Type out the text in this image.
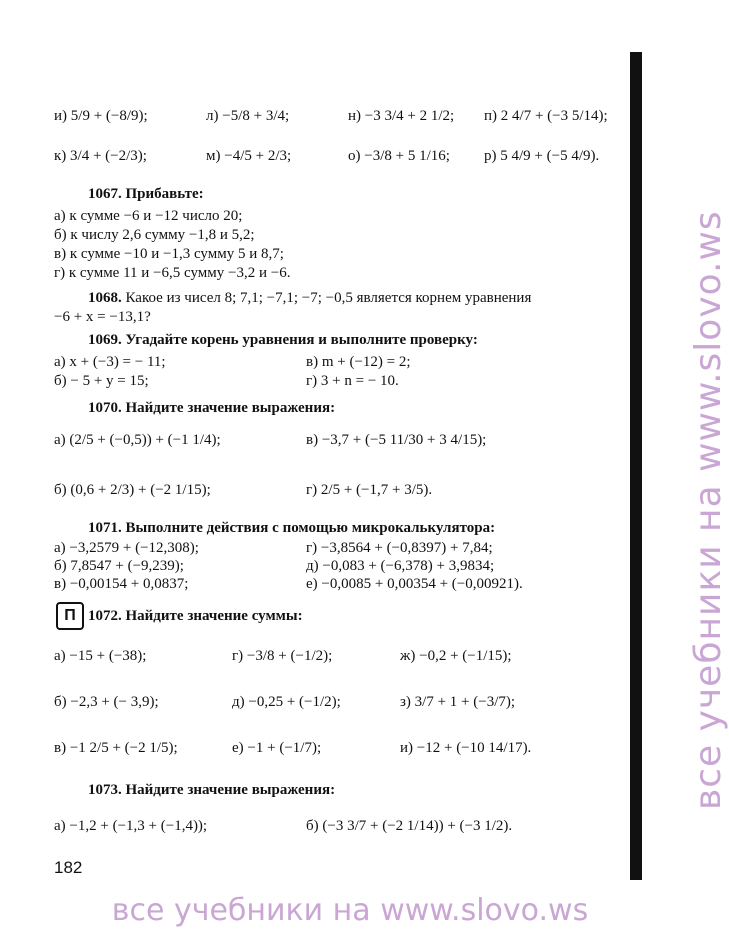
и) 5/9 + (−8/9);	л) −5/8 + 3/4;	н) −3 3/4 + 2 1/2; п) 2 4/7 + (−3 5/14);
к) 3/4 + (−2/3);	м) −4/5 + 2/3;	о) −3/8 + 5 1/16; р) 5 4/9 + (−5 4/9).
1067. Прибавьте:
а) к сумме −6 и −12 число 20;
б) к числу 2,6 сумму −1,8 и 5,2;
в) к сумме −10 и −1,3 сумму 5 и 8,7;
г) к сумме 11 и −6,5 сумму −3,2 и −6.
1068. Какое из чисел 8; 7,1; −7,1; −7; −0,5 является корнем уравнения
−6 + x = −13,1?
1069. Угадайте корень уравнения и выполните проверку:
а) x + (−3) = − 11;	в) m + (−12) = 2;
б) − 5 + y = 15;	г) 3 + n = − 10.
1070. Найдите значение выражения:
а) (2/5 + (−0,5)) + (−1 1/4);	в) −3,7 + (−5 11/30 + 3 4/15);
б) (0,6 + 2/3) + (−2 1/15);	г) 2/5 + (−1,7 + 3/5).
1071. Выполните действия с помощью микрокалькулятора:
а) −3,2579 + (−12,308);	г) −3,8564 + (−0,8397) + 7,84;
б) 7,8547 + (−9,239);	д) −0,083 + (−6,378) + 3,9834;
в) −0,00154 + 0,0837;	е) −0,0085 + 0,00354 + (−0,00921).
П 1072. Найдите значение суммы:
а) −15 + (−38);	г) −3/8 + (−1/2);	ж) −0,2 + (−1/15);
б) −2,3 + (− 3,9);	д) −0,25 + (−1/2);	з) 3/7 + 1 + (−3/7);
в) −1 2/5 + (−2 1/5);	е) −1 + (−1/7);	и) −12 + (−10 14/17).
1073. Найдите значение выражения:
а) −1,2 + (−1,3 + (−1,4));	б) (−3 3/7 + (−2 1/14)) + (−3 1/2).
182
все учебники на www.slovo.ws
все учебники на www.slovo.ws
